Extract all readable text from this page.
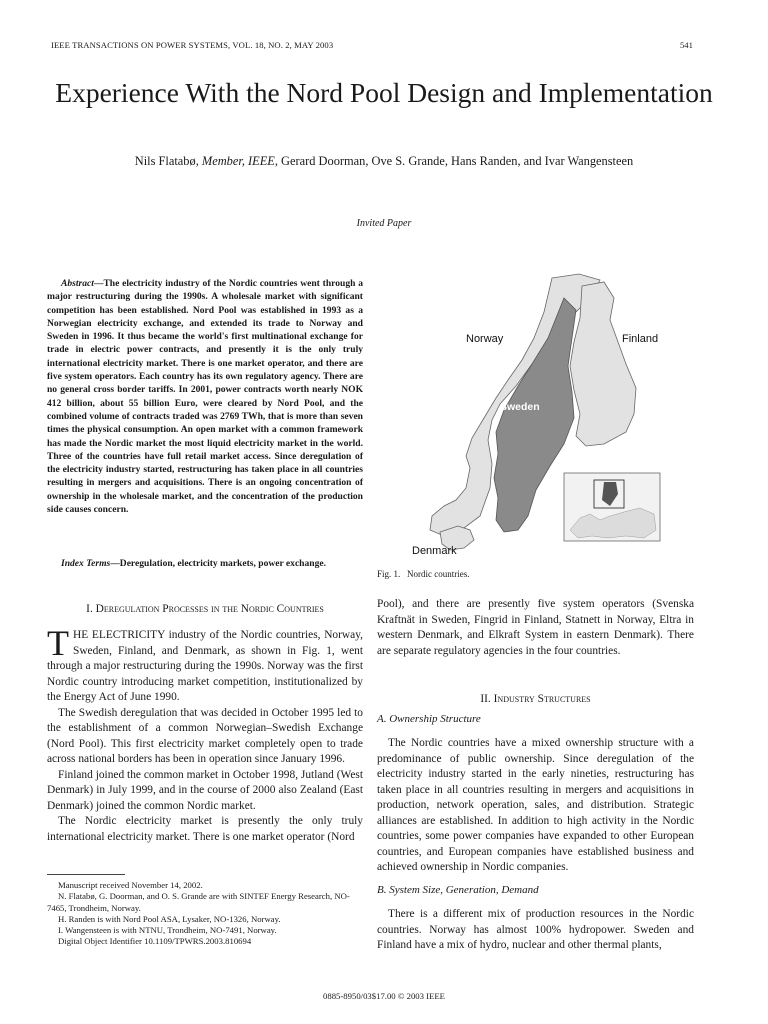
IEEE TRANSACTIONS ON POWER SYSTEMS, VOL. 18, NO. 2, MAY 2003	541
Experience With the Nord Pool Design and Implementation
Nils Flatabø, Member, IEEE, Gerard Doorman, Ove S. Grande, Hans Randen, and Ivar Wangensteen
Invited Paper
Abstract—The electricity industry of the Nordic countries went through a major restructuring during the 1990s. A wholesale market with significant competition has been established. Nord Pool was established in 1993 as a Norwegian electricity exchange, and extended its trade to Norway and Sweden in 1996. It thus became the world's first multinational exchange for trade in electric power contracts, and presently it is the only truly international electricity market. There is one market operator, and there are five system operators. Each country has its own regulatory agency. There are no general cross border tariffs. In 2001, power contracts worth nearly NOK 412 billion, about 55 billion Euro, were cleared by Nord Pool, and the combined volume of contracts traded was 2769 TWh, that is more than seven times the physical consumption. An open market with a common framework has made the Nordic market the most liquid electricity market in the world. Three of the countries have full retail market access. Since deregulation of the electricity industry started, restructuring has taken place in all countries resulting in mergers and acquisitions. There is an ongoing concentration of ownership in the wholesale market, and the concentration of the production side causes concern.
Index Terms—Deregulation, electricity markets, power exchange.
I. Deregulation Processes in the Nordic Countries

THE ELECTRICITY industry of the Nordic countries, Norway, Sweden, Finland, and Denmark, as shown in Fig. 1, went through a major restructuring during the 1990s. Norway was the first Nordic country introducing market competition, institutionalized by the Energy Act of June 1990.

The Swedish deregulation that was decided in October 1995 led to the establishment of a common Norwegian–Swedish Exchange (Nord Pool). This first electricity market completely open to trade across national borders has been in operation since January 1996.

Finland joined the common market in October 1998, Jutland (West Denmark) in July 1999, and in the course of 2000 also Zealand (East Denmark) joined the common Nordic market.

The Nordic electricity market is presently the only truly international electricity market. There is one market operator (Nord

Manuscript received November 14, 2002.
N. Flatabø, G. Doorman, and O. S. Grande are with SINTEF Energy Research, NO-7465, Trondheim, Norway.
H. Randen is with Nord Pool ASA, Lysaker, NO-1326, Norway.
I. Wangensteen is with NTNU, Trondheim, NO-7491, Norway.
Digital Object Identifier 10.1109/TPWRS.2003.810694
Norway	Finland
Sweden
Denmark
Fig. 1. Nordic countries.

Pool), and there are presently five system operators (Svenska Kraftnät in Sweden, Fingrid in Finland, Statnett in Norway, Eltra in western Denmark, and Elkraft System in eastern Denmark). There are separate regulatory agencies in the four countries.

II. Industry Structures
A. Ownership Structure

The Nordic countries have a mixed ownership structure with a predominance of public ownership. Since deregulation of the electricity industry started in the early nineties, restructuring has taken place in all countries resulting in mergers and acquisitions in production, network operation, sales, and distribution. Strategic alliances are established. In addition to high activity in the Nordic countries, some power companies have expanded to other European countries, and European companies have established business and achieved ownership in Nordic companies.

B. System Size, Generation, Demand

There is a different mix of production resources in the Nordic countries. Norway has almost 100% hydropower. Sweden and Finland have a mix of hydro, nuclear and other thermal plants,

0885-8950/03$17.00 © 2003 IEEE
